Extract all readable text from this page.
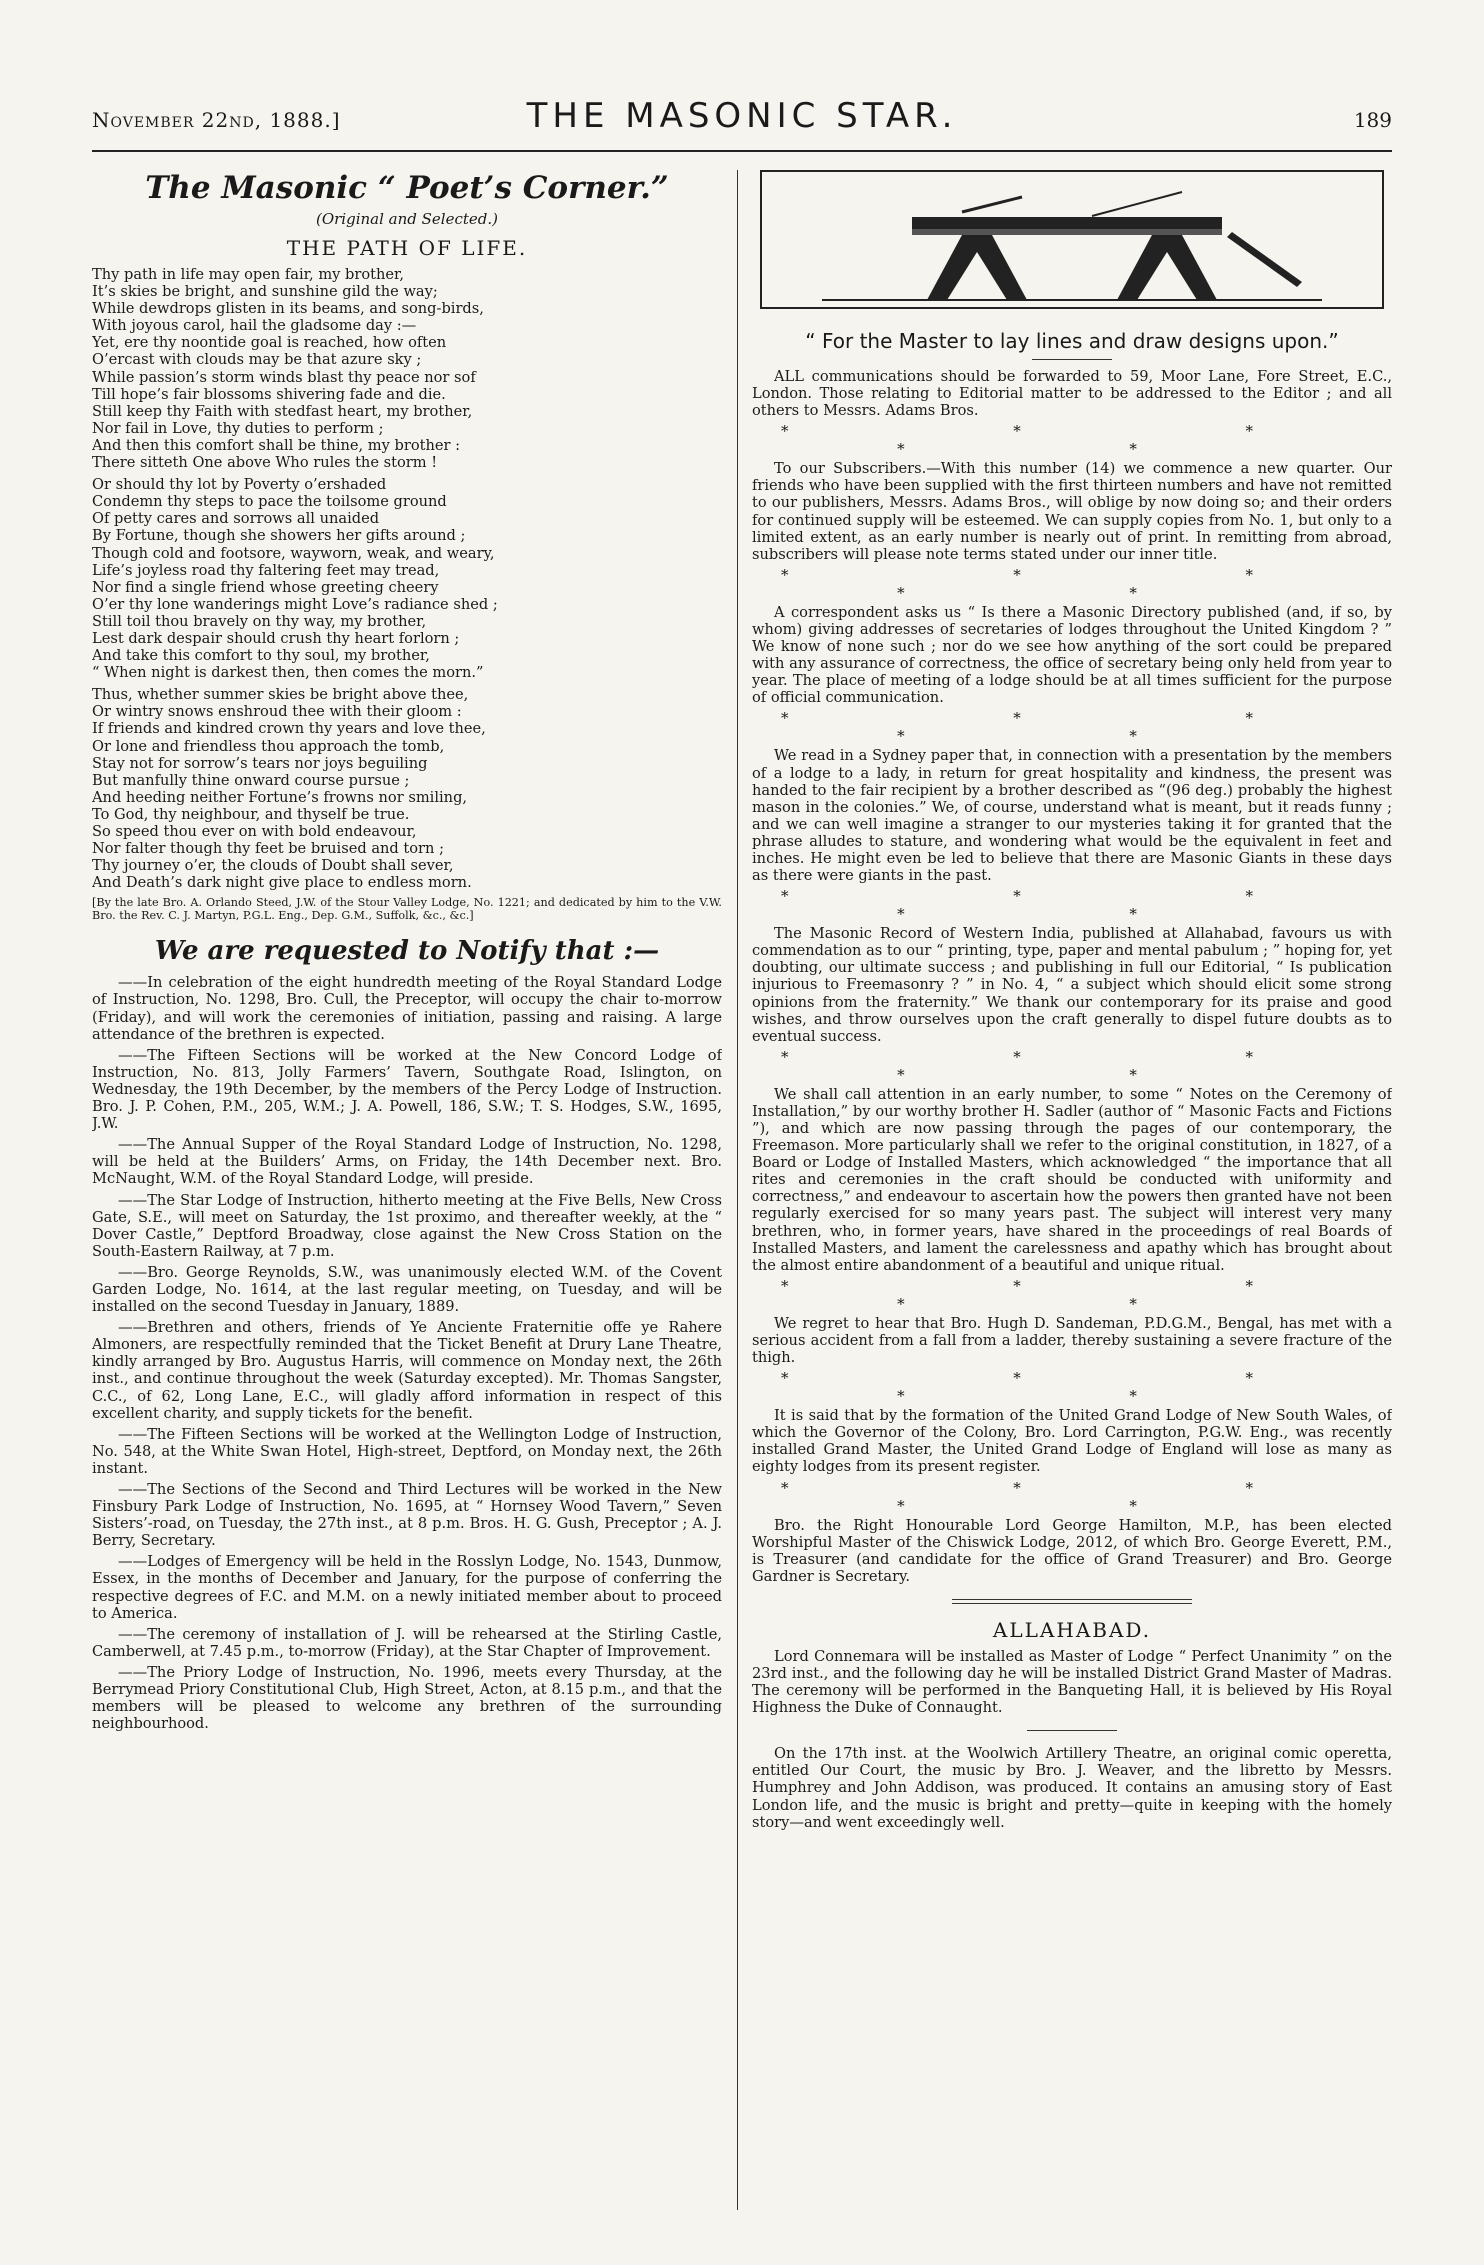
November 22nd, 1888.]	THE MASONIC STAR.	189
The Masonic “ Poet’s Corner.”
(Original and Selected.)
THE PATH OF LIFE.

Thy path in life may open fair, my brother,

It’s skies be bright, and sunshine gild the way;

While dewdrops glisten in its beams, and song-birds,

With joyous carol, hail the gladsome day :—

Yet, ere thy noontide goal is reached, how often

O’ercast with clouds may be that azure sky ;

While passion’s storm winds blast thy peace nor sof

Till hope’s fair blossoms shivering fade and die.

Still keep thy Faith with stedfast heart, my brother,

Nor fail in Love, thy duties to perform ;

And then this comfort shall be thine, my brother :

There sitteth One above Who rules the storm !

Or should thy lot by Poverty o’ershaded

Condemn thy steps to pace the toilsome ground

Of petty cares and sorrows all unaided

By Fortune, though she showers her gifts around ;

Though cold and footsore, wayworn, weak, and weary,

Life’s joyless road thy faltering feet may tread,

Nor find a single friend whose greeting cheery

O’er thy lone wanderings might Love’s radiance shed ;

Still toil thou bravely on thy way, my brother,

Lest dark despair should crush thy heart forlorn ;

And take this comfort to thy soul, my brother,

“ When night is darkest then, then comes the morn.”

Thus, whether summer skies be bright above thee,

Or wintry snows enshroud thee with their gloom :

If friends and kindred crown thy years and love thee,

Or lone and friendless thou approach the tomb,

Stay not for sorrow’s tears nor joys beguiling

But manfully thine onward course pursue ;

And heeding neither Fortune’s frowns nor smiling,

To God, thy neighbour, and thyself be true.

So speed thou ever on with bold endeavour,

Nor falter though thy feet be bruised and torn ;

Thy journey o’er, the clouds of Doubt shall sever,

And Death’s dark night give place to endless morn.

[By the late Bro. A. Orlando Steed, J.W. of the Stour Valley Lodge, No. 1221; and dedicated by him to the V.W. Bro. the Rev. C. J. Martyn, P.G.L. Eng., Dep. G.M., Suffolk, &c., &c.]

We are requested to Notify that :—

—— In celebration of the eight hundredth meeting of the Royal Standard Lodge of Instruction, No. 1298, Bro. Cull, the Preceptor, will occupy the chair to-morrow (Friday), and will work the ceremonies of initiation, passing and raising. A large attendance of the brethren is expected.

—— The Fifteen Sections will be worked at the New Concord Lodge of Instruction, No. 813, Jolly Farmers’ Tavern, Southgate Road, Islington, on Wednesday, the 19th December, by the members of the Percy Lodge of Instruction. Bro. J. P. Cohen, P.M., 205, W.M.; J. A. Powell, 186, S.W.; T. S. Hodges, S.W., 1695, J.W.

—— The Annual Supper of the Royal Standard Lodge of Instruction, No. 1298, will be held at the Builders’ Arms, on Friday, the 14th December next. Bro. McNaught, W.M. of the Royal Standard Lodge, will preside.

—— The Star Lodge of Instruction, hitherto meeting at the Five Bells, New Cross Gate, S.E., will meet on Saturday, the 1st proximo, and thereafter weekly, at the “ Dover Castle,” Deptford Broadway, close against the New Cross Station on the South-Eastern Railway, at 7 p.m.

—— Bro. George Reynolds, S.W., was unanimously elected W.M. of the Covent Garden Lodge, No. 1614, at the last regular meeting, on Tuesday, and will be installed on the second Tuesday in January, 1889.

—— Brethren and others, friends of Ye Anciente Fraternitie offe ye Rahere Almoners, are respectfully reminded that the Ticket Benefit at Drury Lane Theatre, kindly arranged by Bro. Augustus Harris, will commence on Monday next, the 26th inst., and continue throughout the week (Saturday excepted). Mr. Thomas Sangster, C.C., of 62, Long Lane, E.C., will gladly afford information in respect of this excellent charity, and supply tickets for the benefit.

—— The Fifteen Sections will be worked at the Wellington Lodge of Instruction, No. 548, at the White Swan Hotel, High-street, Deptford, on Monday next, the 26th instant.

—— The Sections of the Second and Third Lectures will be worked in the New Finsbury Park Lodge of Instruction, No. 1695, at “ Hornsey Wood Tavern,” Seven Sisters’-road, on Tuesday, the 27th inst., at 8 p.m. Bros. H. G. Gush, Preceptor ; A. J. Berry, Secretary.

—— Lodges of Emergency will be held in the Rosslyn Lodge, No. 1543, Dunmow, Essex, in the months of December and January, for the purpose of conferring the respective degrees of F.C. and M.M. on a newly initiated member about to proceed to America.

—— The ceremony of installation of J. will be rehearsed at the Stirling Castle, Camberwell, at 7.45 p.m., to-morrow (Friday), at the Star Chapter of Improvement.

—— The Priory Lodge of Instruction, No. 1996, meets every Thursday, at the Berrymead Priory Constitutional Club, High Street, Acton, at 8.15 p.m., and that the members will be pleased to welcome any brethren of the surrounding neighbourhood.

“ For the Master to lay lines and draw designs upon.”

ALL communications should be forwarded to 59, Moor Lane, Fore Street, E.C., London. Those relating to Editorial matter to be addressed to the Editor ; and all others to Messrs. Adams Bros.

* * * * *

To our Subscribers.—With this number (14) we commence a new quarter. Our friends who have been supplied with the first thirteen numbers and have not remitted to our publishers, Messrs. Adams Bros., will oblige by now doing so; and their orders for continued supply will be esteemed. We can supply copies from No. 1, but only to a limited extent, as an early number is nearly out of print. In remitting from abroad, subscribers will please note terms stated under our inner title.

* * * * *

A correspondent asks us “ Is there a Masonic Directory published (and, if so, by whom) giving addresses of secretaries of lodges throughout the United Kingdom ? ” We know of none such ; nor do we see how anything of the sort could be prepared with any assurance of correctness, the office of secretary being only held from year to year. The place of meeting of a lodge should be at all times sufficient for the purpose of official communication.

* * * * *

We read in a Sydney paper that, in connection with a presentation by the members of a lodge to a lady, in return for great hospitality and kindness, the present was handed to the fair recipient by a brother described as “(96 deg.) probably the highest mason in the colonies.” We, of course, understand what is meant, but it reads funny ; and we can well imagine a stranger to our mysteries taking it for granted that the phrase alludes to stature, and wondering what would be the equivalent in feet and inches. He might even be led to believe that there are Masonic Giants in these days as there were giants in the past.

* * * * *

The Masonic Record of Western India, published at Allahabad, favours us with commendation as to our “ printing, type, paper and mental pabulum ; ” hoping for, yet doubting, our ultimate success ; and publishing in full our Editorial, “ Is publication injurious to Freemasonry ? ” in No. 4, “ a subject which should elicit some strong opinions from the fraternity.” We thank our contemporary for its praise and good wishes, and throw ourselves upon the craft generally to dispel future doubts as to eventual success.

* * * * *

We shall call attention in an early number, to some “ Notes on the Ceremony of Installation,” by our worthy brother H. Sadler (author of “ Masonic Facts and Fictions ”), and which are now passing through the pages of our contemporary, the Freemason. More particularly shall we refer to the original constitution, in 1827, of a Board or Lodge of Installed Masters, which acknowledged “ the importance that all rites and ceremonies in the craft should be conducted with uniformity and correctness,” and endeavour to ascertain how the powers then granted have not been regularly exercised for so many years past. The subject will interest very many brethren, who, in former years, have shared in the proceedings of real Boards of Installed Masters, and lament the carelessness and apathy which has brought about the almost entire abandonment of a beautiful and unique ritual.

* * * * *

We regret to hear that Bro. Hugh D. Sandeman, P.D.G.M., Bengal, has met with a serious accident from a fall from a ladder, thereby sustaining a severe fracture of the thigh.

* * * * *

It is said that by the formation of the United Grand Lodge of New South Wales, of which the Governor of the Colony, Bro. Lord Carrington, P.G.W. Eng., was recently installed Grand Master, the United Grand Lodge of England will lose as many as eighty lodges from its present register.

* * * * *

Bro. the Right Honourable Lord George Hamilton, M.P., has been elected Worshipful Master of the Chiswick Lodge, 2012, of which Bro. George Everett, P.M., is Treasurer (and candidate for the office of Grand Treasurer) and Bro. George Gardner is Secretary.

ALLAHABAD.

Lord Connemara will be installed as Master of Lodge “ Perfect Unanimity ” on the 23rd inst., and the following day he will be installed District Grand Master of Madras. The ceremony will be performed in the Banqueting Hall, it is believed by His Royal Highness the Duke of Connaught.

On the 17th inst. at the Woolwich Artillery Theatre, an original comic operetta, entitled Our Court, the music by Bro. J. Weaver, and the libretto by Messrs. Humphrey and John Addison, was produced. It contains an amusing story of East London life, and the music is bright and pretty—quite in keeping with the homely story—and went exceedingly well.
